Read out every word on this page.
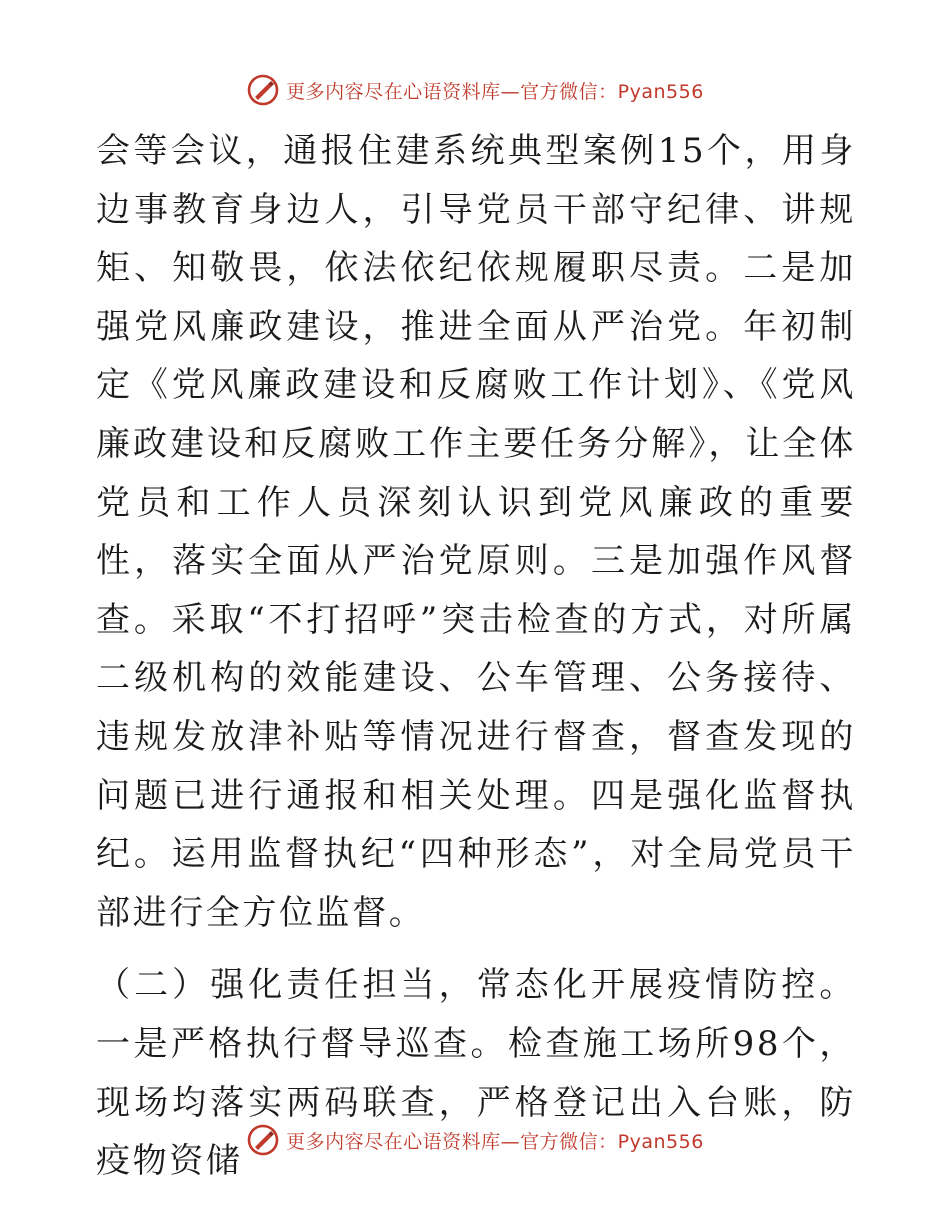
更多内容尽在心语资料库—官方微信：Pyan556

会等会议，通报住建系统典型案例15个，用身边事教育身边人，引导党员干部守纪律、讲规矩、知敬畏，依法依纪依规履职尽责。二是加强党风廉政建设，推进全面从严治党。年初制定《党风廉政建设和反腐败工作计划》、《党风廉政建设和反腐败工作主要任务分解》，让全体党员和工作人员深刻认识到党风廉政的重要性，落实全面从严治党原则。三是加强作风督查。采取“不打招呼”突击检查的方式，对所属二级机构的效能建设、公车管理、公务接待、违规发放津补贴等情况进行督查，督查发现的问题已进行通报和相关处理。四是强化监督执纪。运用监督执纪“四种形态”，对全局党员干部进行全方位监督。

（二）强化责任担当，常态化开展疫情防控。一是严格执行督导巡查。检查施工场所98个，现场均落实两码联查，严格登记出入台账，防疫物资储	更多内容尽在心语资料库—官方微信：Pyan556
